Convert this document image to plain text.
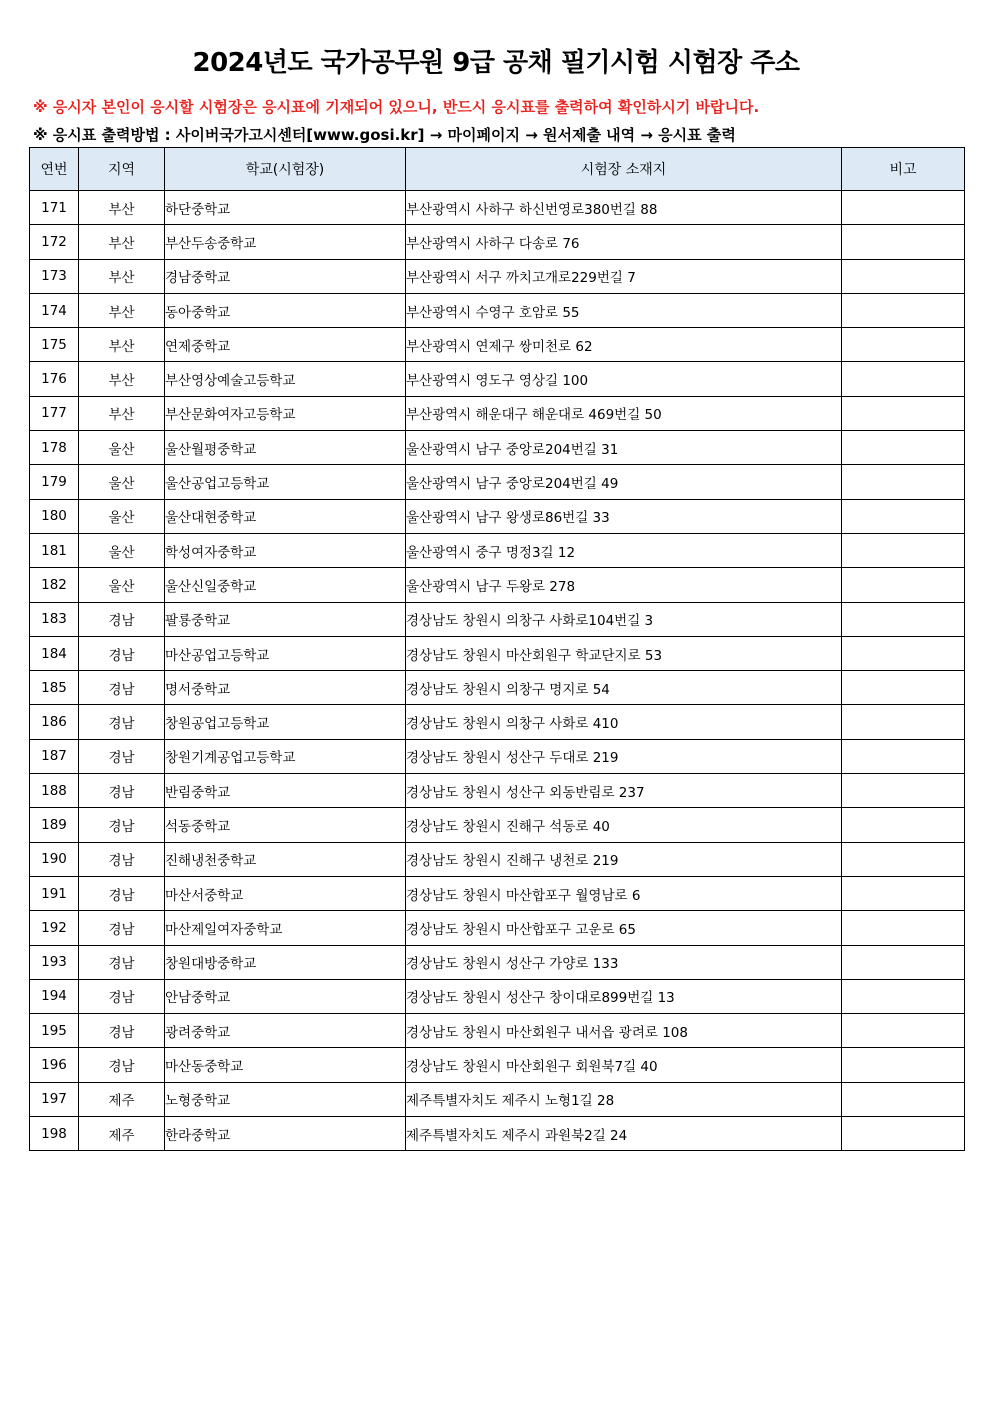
2024년도 국가공무원 9급 공채 필기시험 시험장 주소
※ 응시자 본인이 응시할 시험장은 응시표에 기재되어 있으니, 반드시 응시표를 출력하여 확인하시기 바랍니다.
※ 응시표 출력방법 : 사이버국가고시센터[www.gosi.kr] → 마이페이지 → 원서제출 내역 → 응시표 출력
연번	지역	학교(시험장)	시험장 소재지	비고
171	부산	하단중학교	부산광역시 사하구 하신번영로380번길 88	
172	부산	부산두송중학교	부산광역시 사하구 다송로 76	
173	부산	경남중학교	부산광역시 서구 까치고개로229번길 7	
174	부산	동아중학교	부산광역시 수영구 호암로 55	
175	부산	연제중학교	부산광역시 연제구 쌍미천로 62	
176	부산	부산영상예술고등학교	부산광역시 영도구 영상길 100	
177	부산	부산문화여자고등학교	부산광역시 해운대구 해운대로 469번길 50	
178	울산	울산월평중학교	울산광역시 남구 중앙로204번길 31	
179	울산	울산공업고등학교	울산광역시 남구 중앙로204번길 49	
180	울산	울산대현중학교	울산광역시 남구 왕생로86번길 33	
181	울산	학성여자중학교	울산광역시 중구 명정3길 12	
182	울산	울산신일중학교	울산광역시 남구 두왕로 278	
183	경남	팔룡중학교	경상남도 창원시 의창구 사화로104번길 3	
184	경남	마산공업고등학교	경상남도 창원시 마산회원구 학교단지로 53	
185	경남	명서중학교	경상남도 창원시 의창구 명지로 54	
186	경남	창원공업고등학교	경상남도 창원시 의창구 사화로 410	
187	경남	창원기계공업고등학교	경상남도 창원시 성산구 두대로 219	
188	경남	반림중학교	경상남도 창원시 성산구 외동반림로 237	
189	경남	석동중학교	경상남도 창원시 진해구 석동로 40	
190	경남	진해냉천중학교	경상남도 창원시 진해구 냉천로 219	
191	경남	마산서중학교	경상남도 창원시 마산합포구 월영남로 6	
192	경남	마산제일여자중학교	경상남도 창원시 마산합포구 고운로 65	
193	경남	창원대방중학교	경상남도 창원시 성산구 가양로 133	
194	경남	안남중학교	경상남도 창원시 성산구 창이대로899번길 13	
195	경남	광려중학교	경상남도 창원시 마산회원구 내서읍 광려로 108	
196	경남	마산동중학교	경상남도 창원시 마산회원구 회원북7길 40	
197	제주	노형중학교	제주특별자치도 제주시 노형1길 28	
198	제주	한라중학교	제주특별자치도 제주시 과원북2길 24	
